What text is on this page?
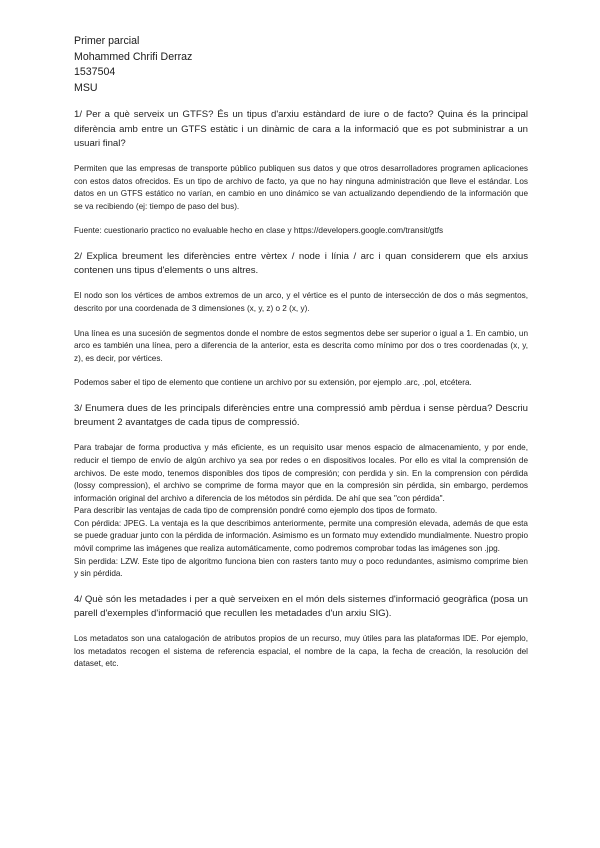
Primer parcial

Mohammed Chrifi Derraz

1537504

MSU

1/ Per a què serveix un GTFS? És un tipus d'arxiu estàndard de iure o de facto? Quina és la principal diferència amb entre un GTFS estàtic i un dinàmic de cara a la informació que es pot subministrar a un usuari final?

Permiten que las empresas de transporte público publiquen sus datos y que otros desarrolladores programen aplicaciones con estos datos ofrecidos. Es un tipo de archivo de facto, ya que no hay ninguna administración que lleve el estándar. Los datos en un GTFS estático no varían, en cambio en uno dinámico se van actualizando dependiendo de la información que se va recibiendo (ej: tiempo de paso del bus).

Fuente: cuestionario practico no evaluable hecho en clase y https://developers.google.com/transit/gtfs

2/ Explica breument les diferències entre vèrtex / node i línia / arc i quan considerem que els arxius contenen uns tipus d'elements o uns altres.

El nodo son los vértices de ambos extremos de un arco, y el vértice es el punto de intersección de dos o más segmentos, descrito por una coordenada de 3 dimensiones (x, y, z) o 2 (x, y).

Una línea es una sucesión de segmentos donde el nombre de estos segmentos debe ser superior o igual a 1. En cambio, un arco es también una línea, pero a diferencia de la anterior, esta es descrita como mínimo por dos o tres coordenadas (x, y, z), es decir, por vértices.

Podemos saber el tipo de elemento que contiene un archivo por su extensión, por ejemplo .arc, .pol, etcétera.

3/ Enumera dues de les principals diferències entre una compressió amb pèrdua i sense pèrdua? Descriu breument 2 avantatges de cada tipus de compressió.

Para trabajar de forma productiva y más eficiente, es un requisito usar menos espacio de almacenamiento, y por ende, reducir el tiempo de envío de algún archivo ya sea por redes o en dispositivos locales. Por ello es vital la comprensión de archivos. De este modo, tenemos disponibles dos tipos de compresión; con perdida y sin. En la comprension con pérdida (lossy compression), el archivo se comprime de forma mayor que en la compresión sin pérdida, sin embargo, perdemos información original del archivo a diferencia de los métodos sin pérdida. De ahí que sea "con pérdida".

Para describir las ventajas de cada tipo de comprensión pondré como ejemplo dos tipos de formato.

Con pérdida: JPEG. La ventaja es la que describimos anteriormente, permite una compresión elevada, además de que esta se puede graduar junto con la pérdida de información. Asimismo es un formato muy extendido mundialmente. Nuestro propio móvil comprime las imágenes que realiza automáticamente, como podremos comprobar todas las imágenes son .jpg.

Sin perdida: LZW. Este tipo de algoritmo funciona bien con rasters tanto muy o poco redundantes, asimismo comprime bien y sin pérdida.

4/ Què són les metadades i per a què serveixen en el món dels sistemes d'informació geogràfica (posa un parell d'exemples d'informació que recullen les metadades d'un arxiu SIG).

Los metadatos son una catalogación de atributos propios de un recurso, muy útiles para las plataformas IDE. Por ejemplo, los metadatos recogen el sistema de referencia espacial, el nombre de la capa, la fecha de creación, la resolución del dataset, etc.
